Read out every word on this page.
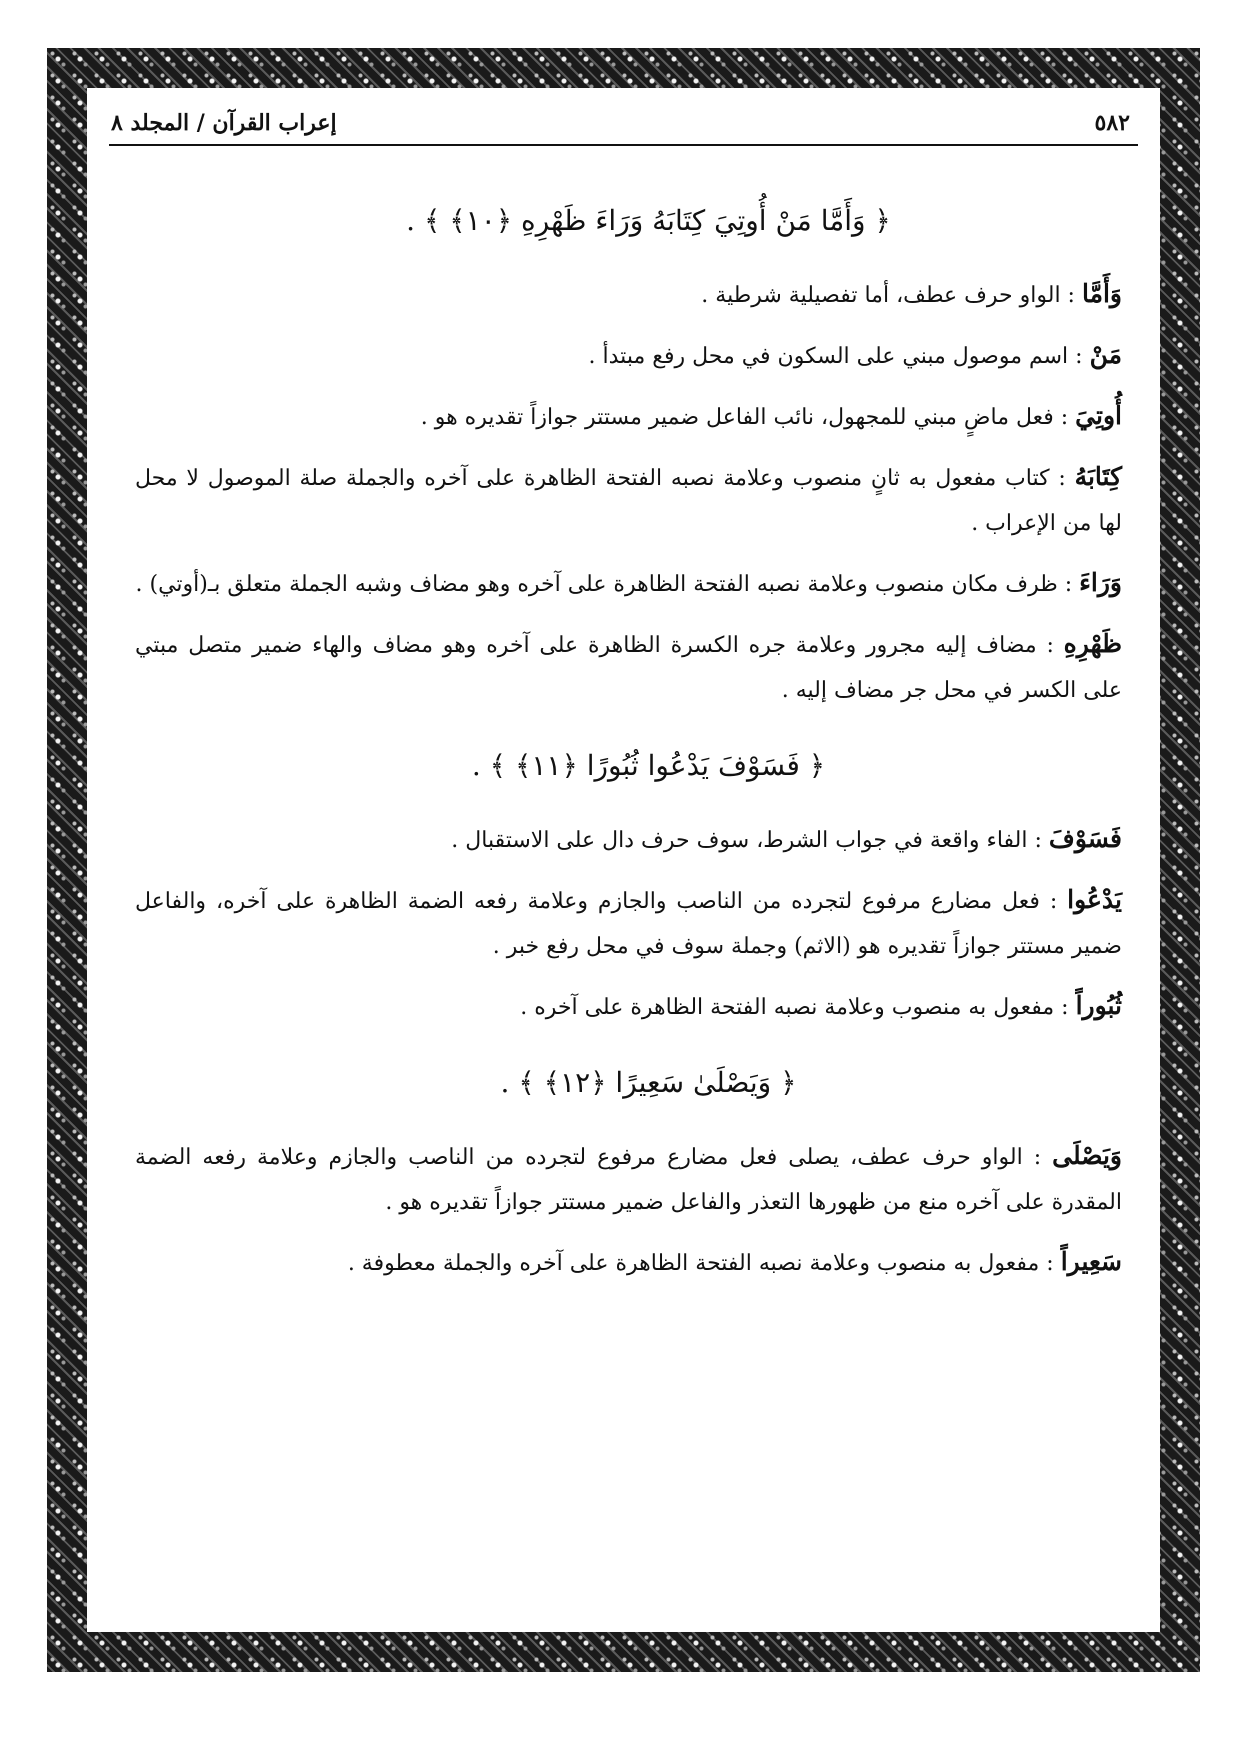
٥٨٢
إعراب القرآن / المجلد ٨
﴿ وَأَمَّا مَنْ أُوتِيَ كِتَابَهُ وَرَاءَ ظَهْرِهِ ﴿١٠﴾ ﴾ .

وَأَمَّا : الواو حرف عطف، أما تفصيلية شرطية .

مَنْ : اسم موصول مبني على السكون في محل رفع مبتدأ .

أُوتِيَ : فعل ماضٍ مبني للمجهول، نائب الفاعل ضمير مستتر جوازاً تقديره هو .

كِتَابَهُ : كتاب مفعول به ثانٍ منصوب وعلامة نصبه الفتحة الظاهرة على آخره والجملة صلة الموصول لا محل لها من الإعراب .

وَرَاءَ : ظرف مكان منصوب وعلامة نصبه الفتحة الظاهرة على آخره وهو مضاف وشبه الجملة متعلق بـ(أوتي) .

ظَهْرِهِ : مضاف إليه مجرور وعلامة جره الكسرة الظاهرة على آخره وهو مضاف والهاء ضمير متصل مبتي على الكسر في محل جر مضاف إليه .

﴿ فَسَوْفَ يَدْعُوا ثُبُورًا ﴿١١﴾ ﴾ .

فَسَوْفَ : الفاء واقعة في جواب الشرط، سوف حرف دال على الاستقبال .

يَدْعُوا : فعل مضارع مرفوع لتجرده من الناصب والجازم وعلامة رفعه الضمة الظاهرة على آخره، والفاعل ضمير مستتر جوازاً تقديره هو (الاثم) وجملة سوف في محل رفع خبر .

ثُبُوراً : مفعول به منصوب وعلامة نصبه الفتحة الظاهرة على آخره .

﴿ وَيَصْلَىٰ سَعِيرًا ﴿١٢﴾ ﴾ .

وَيَصْلَى : الواو حرف عطف، يصلى فعل مضارع مرفوع لتجرده من الناصب والجازم وعلامة رفعه الضمة المقدرة على آخره منع من ظهورها التعذر والفاعل ضمير مستتر جوازاً تقديره هو .

سَعِيراً : مفعول به منصوب وعلامة نصبه الفتحة الظاهرة على آخره والجملة معطوفة .
